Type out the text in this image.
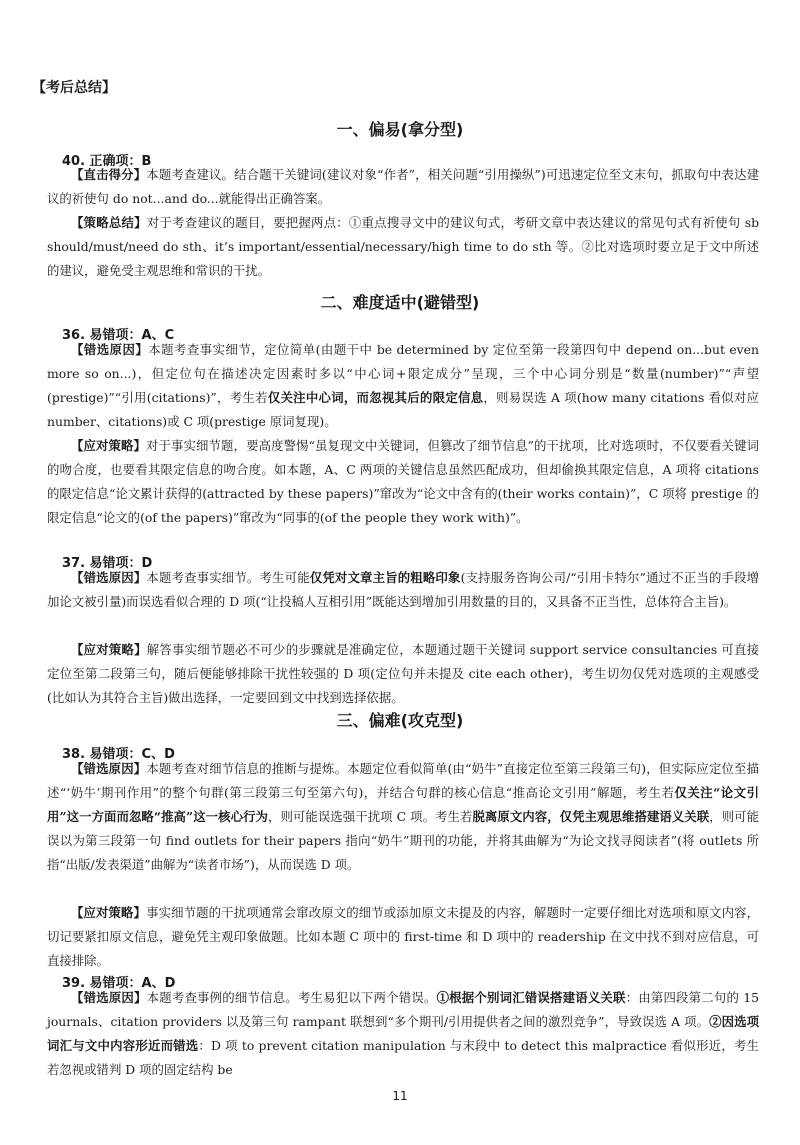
【考后总结】
一、偏易(拿分型)
40. 正确项：B
【直击得分】本题考查建议。结合题干关键词(建议对象“作者”，相关问题“引用操纵”)可迅速定位至文末句，抓取句中表达建议的祈使句 do not...and do...就能得出正确答案。
【策略总结】对于考查建议的题目，要把握两点：①重点搜寻文中的建议句式，考研文章中表达建议的常见句式有祈使句 sb should/must/need do sth、it’s important/essential/necessary/high time to do sth 等。②比对选项时要立足于文中所述的建议，避免受主观思维和常识的干扰。
二、难度适中(避错型)
36. 易错项：A、C
【错选原因】本题考查事实细节，定位简单(由题干中 be determined by 定位至第一段第四句中 depend on...but even more so on...)，但定位句在描述决定因素时多以“中心词+限定成分”呈现，三个中心词分别是“数量(number)”“声望(prestige)”“引用(citations)”，考生若仅关注中心词，而忽视其后的限定信息，则易误选 A 项(how many citations 看似对应 number、citations)或 C 项(prestige 原词复现)。
【应对策略】对于事实细节题，要高度警惕“虽复现文中关键词，但篡改了细节信息”的干扰项，比对选项时，不仅要看关键词的吻合度，也要看其限定信息的吻合度。如本题，A、C 两项的关键信息虽然匹配成功，但却偷换其限定信息，A 项将 citations 的限定信息“论文累计获得的(attracted by these papers)”窜改为“论文中含有的(their works contain)”，C 项将 prestige 的限定信息“论文的(of the papers)”窜改为“同事的(of the people they work with)”。
37. 易错项：D
【错选原因】本题考查事实细节。考生可能仅凭对文章主旨的粗略印象(支持服务咨询公司/“引用卡特尔”通过不正当的手段增加论文被引量)而误选看似合理的 D 项(“让投稿人互相引用”既能达到增加引用数量的目的，又具备不正当性，总体符合主旨)。
【应对策略】解答事实细节题必不可少的步骤就是准确定位，本题通过题干关键词 support service consultancies 可直接定位至第二段第三句，随后便能够排除干扰性较强的 D 项(定位句并未提及 cite each other)，考生切勿仅凭对选项的主观感受(比如认为其符合主旨)做出选择，一定要回到文中找到选择依据。
三、偏难(攻克型)
38. 易错项：C、D
【错选原因】本题考查对细节信息的推断与提炼。本题定位看似简单(由“奶牛”直接定位至第三段第三句)，但实际应定位至描述“‘奶牛’期刊作用”的整个句群(第三段第三句至第六句)，并结合句群的核心信息“推高论文引用”解题，考生若仅关注“论文引用”这一方面而忽略“推高”这一核心行为，则可能误选强干扰项 C 项。考生若脱离原文内容，仅凭主观思维搭建语义关联，则可能误以为第三段第一句 find outlets for their papers 指向“奶牛”期刊的功能，并将其曲解为“为论文找寻阅读者”(将 outlets 所指“出版/发表渠道”曲解为“读者市场”)，从而误选 D 项。
【应对策略】事实细节题的干扰项通常会窜改原文的细节或添加原文未提及的内容，解题时一定要仔细比对选项和原文内容，切记要紧扣原文信息，避免凭主观印象做题。比如本题 C 项中的 first-time 和 D 项中的 readership 在文中找不到对应信息，可直接排除。
39. 易错项：A、D
【错选原因】本题考查事例的细节信息。考生易犯以下两个错误。①根据个别词汇错误搭建语义关联：由第四段第二句的 15 journals、citation providers 以及第三句 rampant 联想到“多个期刊/引用提供者之间的激烈竞争”，导致误选 A 项。②因选项词汇与文中内容形近而错选：D 项 to prevent citation manipulation 与末段中 to detect this malpractice 看似形近，考生若忽视或错判 D 项的固定结构 be
11
